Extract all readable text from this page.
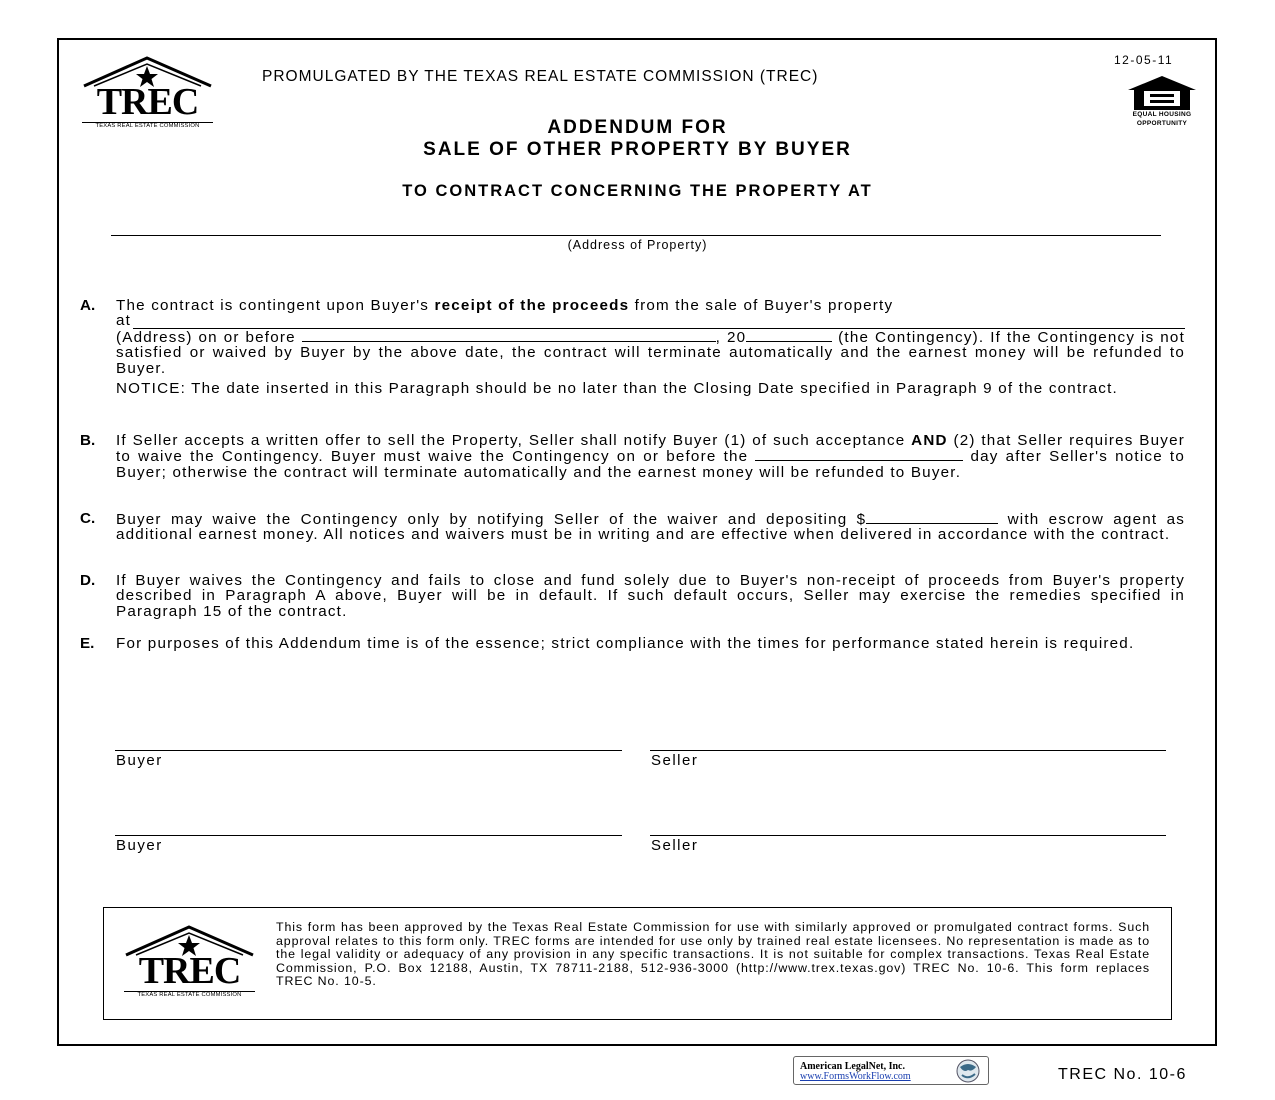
TREC
TEXAS REAL ESTATE COMMISSION
PROMULGATED BY THE TEXAS REAL ESTATE COMMISSION (TREC)
12-05-11
EQUAL HOUSING
OPPORTUNITY
ADDENDUM FOR
SALE OF OTHER PROPERTY BY BUYER
TO CONTRACT CONCERNING THE PROPERTY AT
(Address of Property)
A. The contract is contingent upon Buyer's receipt of the proceeds from the sale of Buyer's property
at
(Address) on or before	, 20	(the Contingency). If the Contingency is not satisfied or waived by Buyer by the above date, the contract will terminate automatically and the earnest money will be refunded to Buyer.
NOTICE: The date inserted in this Paragraph should be no later than the Closing Date specified in Paragraph 9 of the contract.
B. If Seller accepts a written offer to sell the Property, Seller shall notify Buyer (1) of such acceptance AND (2) that Seller requires Buyer to waive the Contingency. Buyer must waive the Contingency on or before the	day after Seller's notice to Buyer; otherwise the contract will terminate automatically and the earnest money will be refunded to Buyer.
C. Buyer may waive the Contingency only by notifying Seller of the waiver and depositing $	with escrow agent as additional earnest money. All notices and waivers must be in writing and are effective when delivered in accordance with the contract.
D. If Buyer waives the Contingency and fails to close and fund solely due to Buyer's non-receipt of proceeds from Buyer's property described in Paragraph A above, Buyer will be in default. If such default occurs, Seller may exercise the remedies specified in Paragraph 15 of the contract.
E. For purposes of this Addendum time is of the essence; strict compliance with the times for performance stated herein is required.
Buyer	Seller
Buyer	Seller
TREC
TEXAS REAL ESTATE COMMISSION
This form has been approved by the Texas Real Estate Commission for use with similarly approved or promulgated contract forms. Such approval relates to this form only. TREC forms are intended for use only by trained real estate licensees. No representation is made as to the legal validity or adequacy of any provision in any specific transactions. It is not suitable for complex transactions. Texas Real Estate Commission, P.O. Box 12188, Austin, TX 78711-2188, 512-936-3000 (http://www.trex.texas.gov) TREC No. 10-6. This form replaces TREC No. 10-5.
American LegalNet, Inc.
www.FormsWorkFlow.com	TREC No. 10-6
